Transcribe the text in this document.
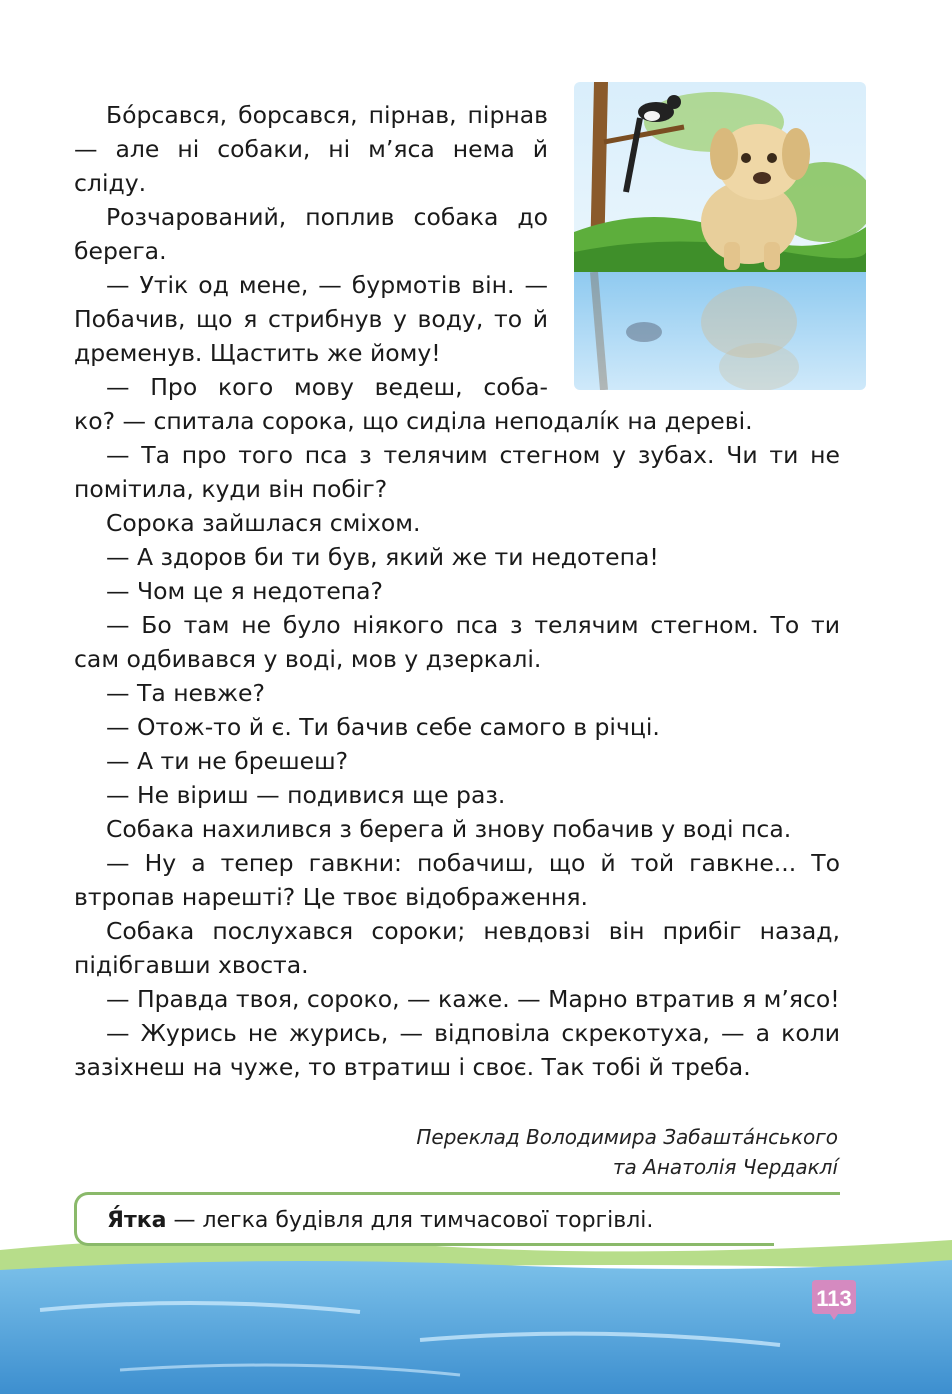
Бо́рсався, борсався, пірнав, пірнав — але ні собаки, ні м’яса нема й сліду.

Розчарований, поплив собака до берега.

— Утік од мене, — бурмотів він. — Побачив, що я стрибнув у воду, то й дременув. Щастить же йому!

— Про кого мову ведеш, соба-

ко? — спитала сорока, що сиділа неподалі́к на дереві.

— Та про того пса з телячим стегном у зубах. Чи ти не помітила, куди він побіг?

Сорока зайшлася сміхом.

— А здоров би ти був, який же ти недотепа!

— Чом це я недотепа?

— Бо там не було ніякого пса з телячим стегном. То ти сам одбивався у воді, мов у дзеркалі.

— Та невже?

— Отож-то й є. Ти бачив себе самого в річці.

— А ти не брешеш?

— Не віриш — подивися ще раз.

Собака нахилився з берега й знову побачив у воді пса.

— Ну а тепер гавкни: побачиш, що й той гавкне... То втропав нарешті? Це твоє відображення.

Собака послухався сороки; невдовзі він прибіг назад, підібгавши хвоста.

— Правда твоя, сороко, — каже. — Марно втратив я м’ясо!

— Журись не журись, — відповіла скрекотуха, — а коли зазіхнеш на чуже, то втратиш і своє. Так тобі й треба.

Переклад Володимира Забашта́нського
та Анатолія Чердаклі́
Я́тка — легка будівля для тимчасової торгівлі.
113
